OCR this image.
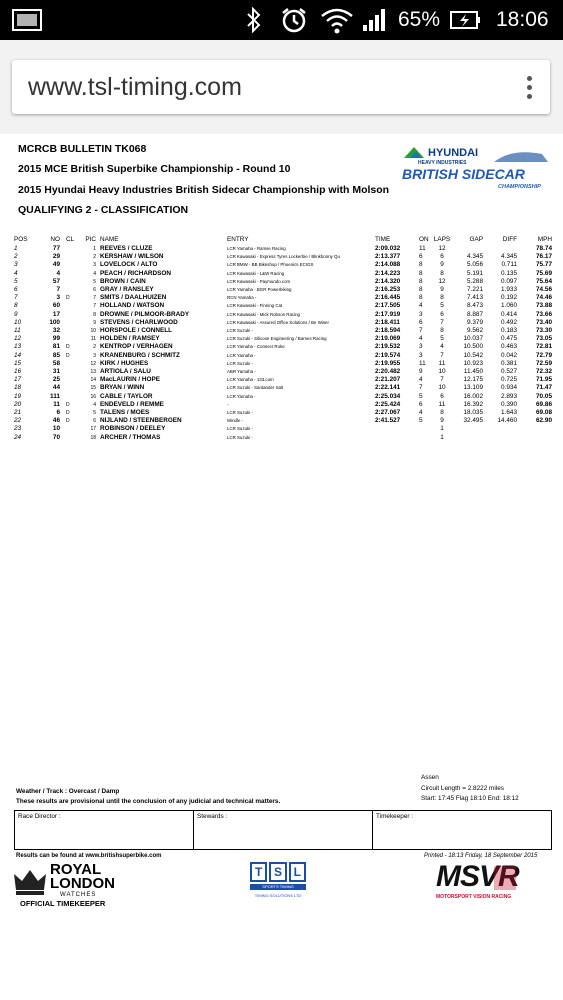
65%	18:06
www.tsl-timing.com
MCRCB BULLETIN TK068
2015 MCE British Superbike Championship - Round 10
2015 Hyundai Heavy Industries British Sidecar Championship with Molson
QUALIFYING 2 - CLASSIFICATION
HYUNDAI
HEAVY INDUSTRIES
BRITISH SIDECAR
CHAMPIONSHIP
POS	NO	CL	PIC	NAME	ENTRY	TIME	ON	LAPS	GAP	DIFF	MPH
1	77		1	REEVES / CLUZE	LCR Yamaha - Ramse Racing	2:09.032	11	12			78.74
2	29		2	KERSHAW / WILSON	LCR Kawasaki - Express Tyres Lockerbie / Blinkbonny Qu	2:13.377	6	6	4.345	4.345	76.17
3	49		3	LOVELOCK / ALTO	LCR BMW - BB Bikeshop / Phoenics ECIGS	2:14.088	8	9	5.056	0.711	75.77
4	4		4	PEACH / RICHARDSON	LCR Kawasaki - L&W Racing	2:14.223	8	8	5.191	0.135	75.69
5	57		5	BROWN / CAIN	LCR Kawasaki - Paymundo.com	2:14.320	8	12	5.288	0.097	75.64
6	7		6	GRAY / RANSLEY	LCR Yamaha - BGR Powerbiking	2:16.253	8	9	7.221	1.933	74.56
7	3	D	7	SMITS / DAALHUIZEN	RCN Yamaha -	2:16.445	8	8	7.413	0.192	74.46
8	60		7	HOLLAND / WATSON	LCR Kawasaki - Finning Cat	2:17.505	4	5	8.473	1.060	73.88
9	17		8	DROWNE / PILMOOR-BRADY	LCR Kawasaki - Mick Robson Racing	2:17.919	3	6	8.887	0.414	73.66
10	100		9	STEVENS / CHARLWOOD	LCR Kawasaki - Assured Office Solutions / Be Wiser	2:18.411	6	7	9.379	0.492	73.40
11	32		10	HORSPOLE / CONNELL	LCR Suzuki -	2:18.594	7	8	9.562	0.183	73.30
12	99		11	HOLDEN / RAMSEY	LCR Suzuki - Silicone Engineering / Barnes Racing	2:19.069	4	5	10.037	0.475	73.05
13	81	D	2	KENTROP / VERHAGEN	LCR Yamaha - Connect Roke	2:19.532	3	4	10.500	0.463	72.81
14	85	D	3	KRANENBURG / SCHMITZ	LCR Yamaha -	2:19.574	3	7	10.542	0.042	72.79
15	58		12	KIRK / HUGHES	LCR Suzuki -	2:19.955	11	11	10.923	0.381	72.59
16	31		13	ARTIOLA / SALU	ABR Yamaha -	2:20.482	9	10	11.450	0.527	72.32
17	25		14	MacLAURIN / HOPE	LCR Yamaha - 133.com	2:21.207	4	7	12.175	0.725	71.95
18	44		15	BRYAN / WINN	LCR Suzuki - Santander Salt	2:22.141	7	10	13.109	0.934	71.47
19	111		16	CABLE / TAYLOR	LCR Yamaha -	2:25.034	5	6	16.002	2.893	70.05
20	11	D	4	ENDEVELD / REMME	-	2:25.424	6	11	16.392	0.390	69.86
21	6	D	5	TALENS / MOES	LCR Suzuki -	2:27.067	4	8	18.035	1.643	69.08
22	46	D	6	NIJLAND / STEENBERGEN	Windle -	2:41.527	5	9	32.495	14.460	62.90
23	10		17	ROBINSON / DEELEY	LCR Suzuki -			1			
24	70		18	ARCHER / THOMAS	LCR Suzuki -			1			
Assen
Circuit Length = 2.8222 miles
Start: 17:45 Flag 18:10 End: 18:12
Weather / Track : Overcast / Damp
These results are provisional until the conclusion of any judicial and technical matters.
Race Director :	Stewards :	Timekeeper :
Results can be found at www.britishsuperbike.com	Printed - 18:13 Friday, 18 September 2015
ROYAL
LONDON
WATCHES
OFFICIAL TIMEKEEPER
T S L
SPORTS TIMING
TIMING SOLUTIONS LTD
MSVR
MOTORSPORT VISION RACING
